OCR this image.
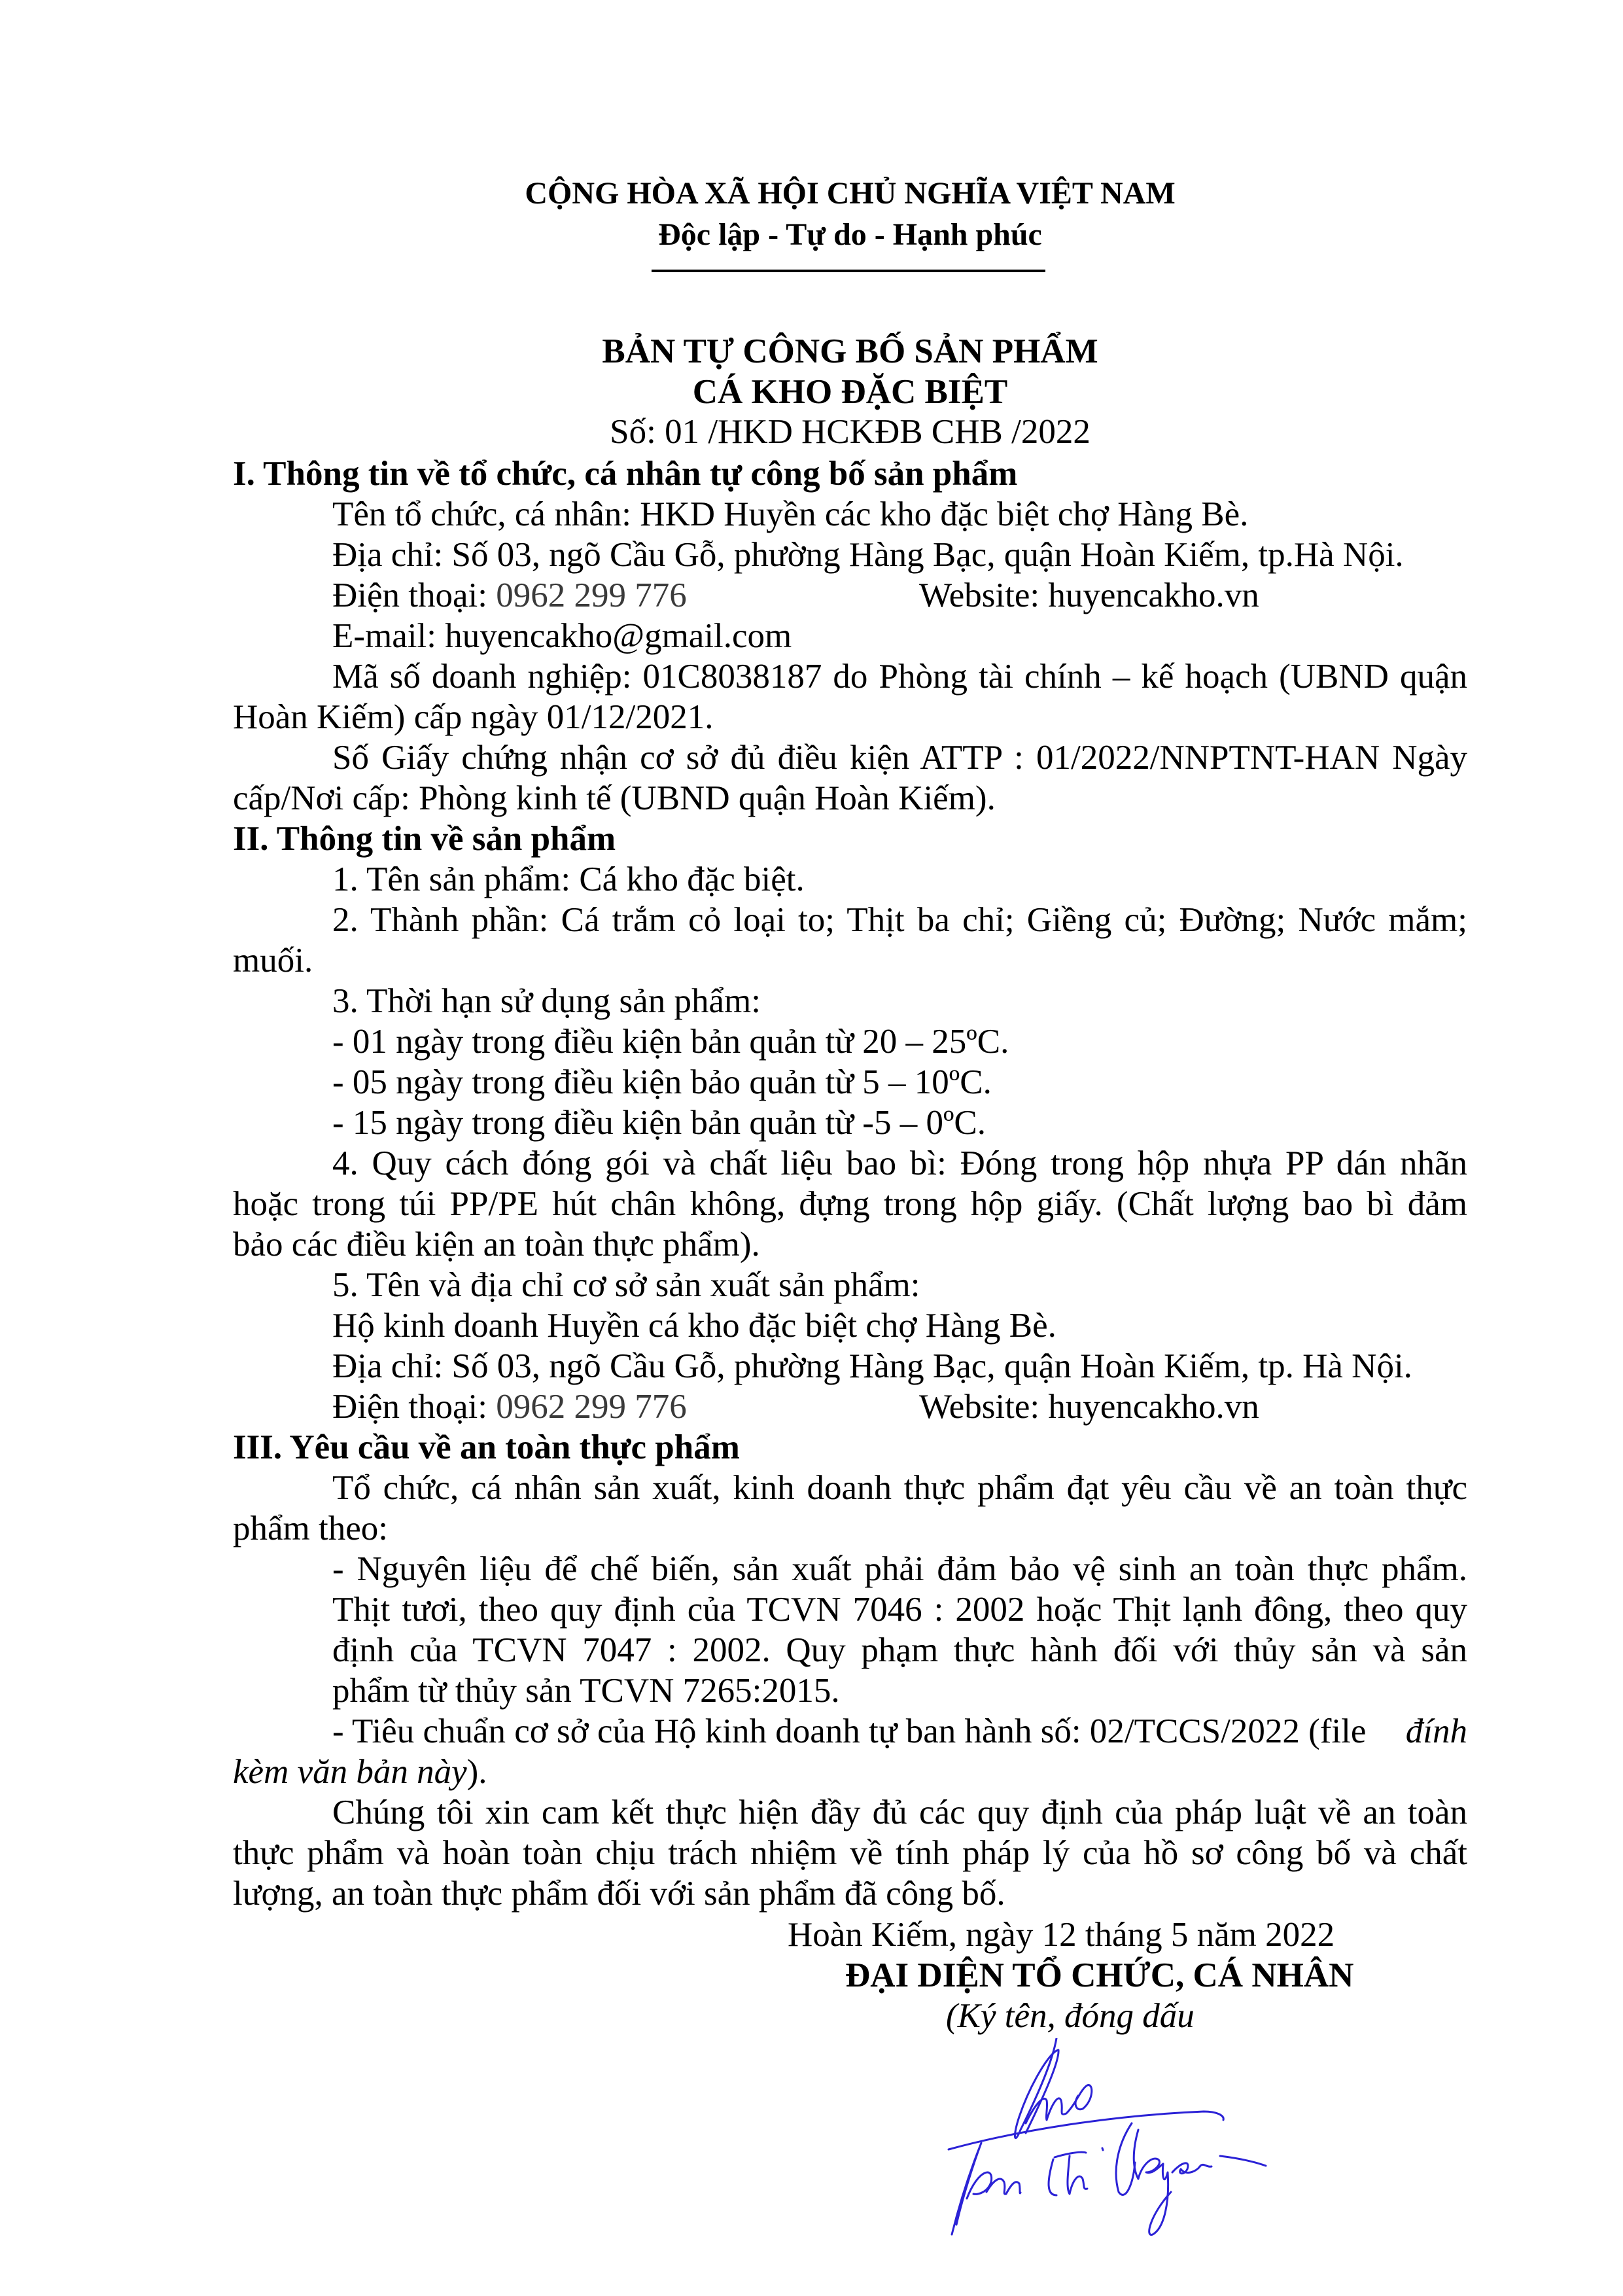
CỘNG HÒA XÃ HỘI CHỦ NGHĨA VIỆT NAM
Độc lập - Tự do - Hạnh phúc
BẢN TỰ CÔNG BỐ SẢN PHẨM
CÁ KHO ĐẶC BIỆT
Số: 01 /HKD HCKĐB CHB /2022
I. Thông tin về tổ chức, cá nhân tự công bố sản phẩm
Tên tổ chức, cá nhân: HKD Huyền các kho đặc biệt chợ Hàng Bè.
Địa chỉ: Số 03, ngõ Cầu Gỗ, phường Hàng Bạc, quận Hoàn Kiếm, tp.Hà Nội.
Điện thoại: 0962 299 776	Website: huyencakho.vn
E-mail: huyencakho@gmail.com
Mã số doanh nghiệp: 01C8038187 do Phòng tài chính – kế hoạch (UBND quận
Hoàn Kiếm) cấp ngày 01/12/2021.
Số Giấy chứng nhận cơ sở đủ điều kiện ATTP : 01/2022/NNPTNT-HAN Ngày
cấp/Nơi cấp: Phòng kinh tế (UBND quận Hoàn Kiếm).
II. Thông tin về sản phẩm
1. Tên sản phẩm: Cá kho đặc biệt.
2. Thành phần: Cá trắm cỏ loại to; Thịt ba chỉ; Giềng củ; Đường; Nước mắm;
muối.
3. Thời hạn sử dụng sản phẩm:
- 01 ngày trong điều kiện bản quản từ 20 – 25ºC.
- 05 ngày trong điều kiện bảo quản từ 5 – 10ºC.
- 15 ngày trong điều kiện bản quản từ -5 – 0ºC.
4. Quy cách đóng gói và chất liệu bao bì: Đóng trong hộp nhựa PP dán nhãn
hoặc trong túi PP/PE hút chân không, đựng trong hộp giấy. (Chất lượng bao bì đảm
bảo các điều kiện an toàn thực phẩm).
5. Tên và địa chỉ cơ sở sản xuất sản phẩm:
Hộ kinh doanh Huyền cá kho đặc biệt chợ Hàng Bè.
Địa chỉ: Số 03, ngõ Cầu Gỗ, phường Hàng Bạc, quận Hoàn Kiếm, tp. Hà Nội.
Điện thoại: 0962 299 776	Website: huyencakho.vn
III. Yêu cầu về an toàn thực phẩm
Tổ chức, cá nhân sản xuất, kinh doanh thực phẩm đạt yêu cầu về an toàn thực
phẩm theo:
- Nguyên liệu để chế biến, sản xuất phải đảm bảo vệ sinh an toàn thực phẩm.
Thịt tươi, theo quy định của TCVN 7046 : 2002 hoặc Thịt lạnh đông, theo quy
định của TCVN 7047 : 2002. Quy phạm thực hành đối với thủy sản và sản
phẩm từ thủy sản TCVN 7265:2015.
- Tiêu chuẩn cơ sở của Hộ kinh doanh tự ban hành số: 02/TCCS/2022 (file đính
kèm văn bản này).
Chúng tôi xin cam kết thực hiện đầy đủ các quy định của pháp luật về an toàn
thực phẩm và hoàn toàn chịu trách nhiệm về tính pháp lý của hồ sơ công bố và chất
lượng, an toàn thực phẩm đối với sản phẩm đã công bố.
Hoàn Kiếm, ngày 12 tháng 5 năm 2022
ĐẠI DIỆN TỔ CHỨC, CÁ NHÂN
(Ký tên, đóng dấu
